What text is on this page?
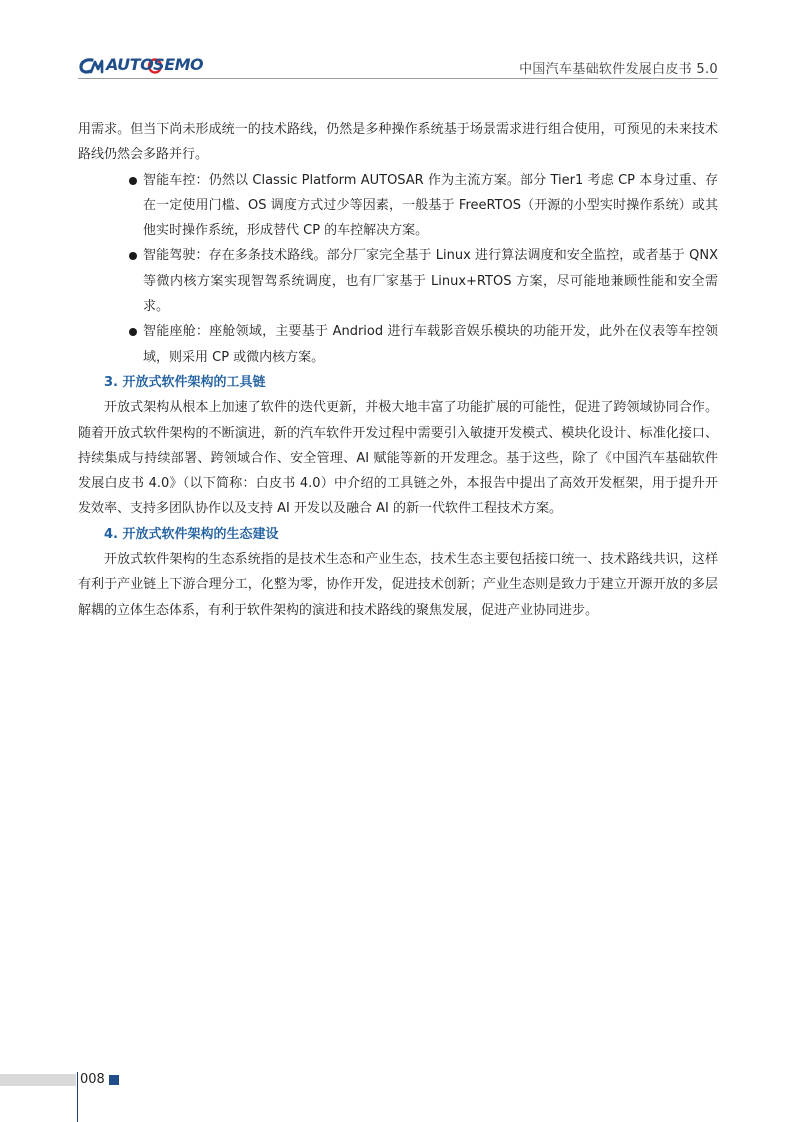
AUTOSEMO	中国汽车基础软件发展白皮书 5.0

用需求。但当下尚未形成统一的技术路线，仍然是多种操作系统基于场景需求进行组合使用，可预见的未来技术路线仍然会多路并行。

智能车控：仍然以 Classic Platform AUTOSAR 作为主流方案。部分 Tier1 考虑 CP 本身过重、存在一定使用门槛、OS 调度方式过少等因素，一般基于 FreeRTOS（开源的小型实时操作系统）或其他实时操作系统，形成替代 CP 的车控解决方案。
智能驾驶：存在多条技术路线。部分厂家完全基于 Linux 进行算法调度和安全监控，或者基于 QNX 等微内核方案实现智驾系统调度，也有厂家基于 Linux+RTOS 方案，尽可能地兼顾性能和安全需求。
智能座舱：座舱领域，主要基于 Andriod 进行车载影音娱乐模块的功能开发，此外在仪表等车控领域，则采用 CP 或微内核方案。

3. 开放式软件架构的工具链

开放式架构从根本上加速了软件的迭代更新，并极大地丰富了功能扩展的可能性，促进了跨领域协同合作。随着开放式软件架构的不断演进，新的汽车软件开发过程中需要引入敏捷开发模式、模块化设计、标准化接口、持续集成与持续部署、跨领域合作、安全管理、AI 赋能等新的开发理念。基于这些，除了《中国汽车基础软件发展白皮书 4.0》（以下简称：白皮书 4.0）中介绍的工具链之外，本报告中提出了高效开发框架，用于提升开发效率、支持多团队协作以及支持 AI 开发以及融合 AI 的新一代软件工程技术方案。

4. 开放式软件架构的生态建设

开放式软件架构的生态系统指的是技术生态和产业生态，技术生态主要包括接口统一、技术路线共识，这样有利于产业链上下游合理分工，化整为零，协作开发，促进技术创新；产业生态则是致力于建立开源开放的多层解耦的立体生态体系，有利于软件架构的演进和技术路线的聚焦发展，促进产业协同进步。

008
